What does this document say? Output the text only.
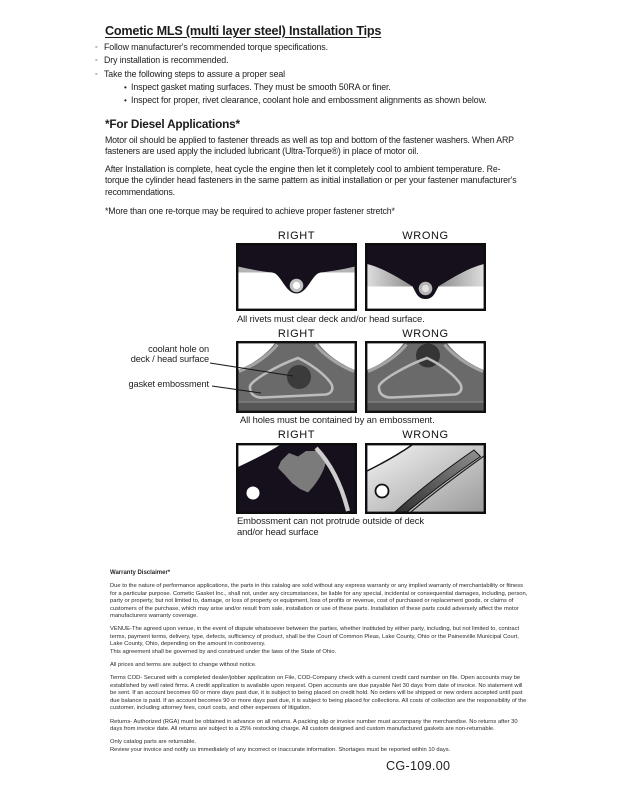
Cometic MLS (multi layer steel) Installation Tips
◦ Follow manufacturer's recommended torque specifications.
◦ Dry installation is recommended.
◦ Take the following steps to assure a proper seal
• Inspect gasket mating surfaces. They must be smooth 50RA or finer.
• Inspect for proper, rivet clearance, coolant hole and embossment alignments as shown below.
*For Diesel Applications*
Motor oil should be applied to fastener threads as well as top and bottom of the fastener washers. When ARP fasteners are used apply the included lubricant (Ultra-Torque®) in place of motor oil.
After Installation is complete, heat cycle the engine then let it completely cool to ambient temperature. Re-torque the cylinder head fasteners in the same pattern as initial installation or per your fastener manufacturer's recommendations.
*More than one re-torque may be required to achieve proper fastener stretch*
RIGHT	WRONG
All rivets must clear deck and/or head surface.
RIGHT	WRONG
coolant hole on
deck / head surface
gasket embossment
All holes must be contained by an embossment.
RIGHT	WRONG
Embossment can not protrude outside of deck and/or head surface
Warranty Disclaimer*
Due to the nature of performance applications, the parts in this catalog are sold without any express warranty or any implied warranty of merchantability or fitness for a particular purpose. Cometic Gasket Inc., shall not, under any circumstances, be liable for any special, incidental or consequential damages, including, person, party or property, but not limited to, damage, or loss of property or equipment, loss of profits or revenue, cost of purchased or replacement goods, or claims of customers of the purchase, which may arise and/or result from sale, installation or use of these parts. Installation of these parts could adversely affect the motor manufacturers warranty coverage.
VENUE-The agreed upon venue, in the event of dispute whatsoever between the parties, whether instituted by either party, including, but not limited to, contract terms, payment terms, delivery, type, defects, sufficiency of product, shall be the Court of Common Pleas, Lake County, Ohio or the Painesville Municipal Court, Lake County, Ohio, depending on the amount in controversy.
This agreement shall be governed by and construed under the laws of the State of Ohio.
All prices and terms are subject to change without notice.
Terms COD- Secured with a completed dealer/jobber application on File, COD-Company check with a current credit card number on file. Open accounts may be established by well rated firms. A credit application is available upon request. Open accounts are due payable Net 30 days from date of invoice. No statement will be sent. If an account becomes 60 or more days past due, it is subject to being placed on credit hold. No orders will be shipped or new orders accepted until past due balance is paid. If an account becomes 90 or more days past due, it is subject to being placed for collections. All costs of collection are the responsibility of the customer, including attorney fees, court costs, and other expenses of litigation.
Returns- Authorized (RGA) must be obtained in advance on all returns. A packing slip or invoice number must accompany the merchandise. No returns after 30 days from invoice date. All returns are subject to a 25% restocking charge. All custom designed and custom manufactured gaskets are non-returnable.
Only catalog parts are returnable.
Review your invoice and notify us immediately of any incorrect or inaccurate information. Shortages must be reported within 10 days.
CG-109.00
